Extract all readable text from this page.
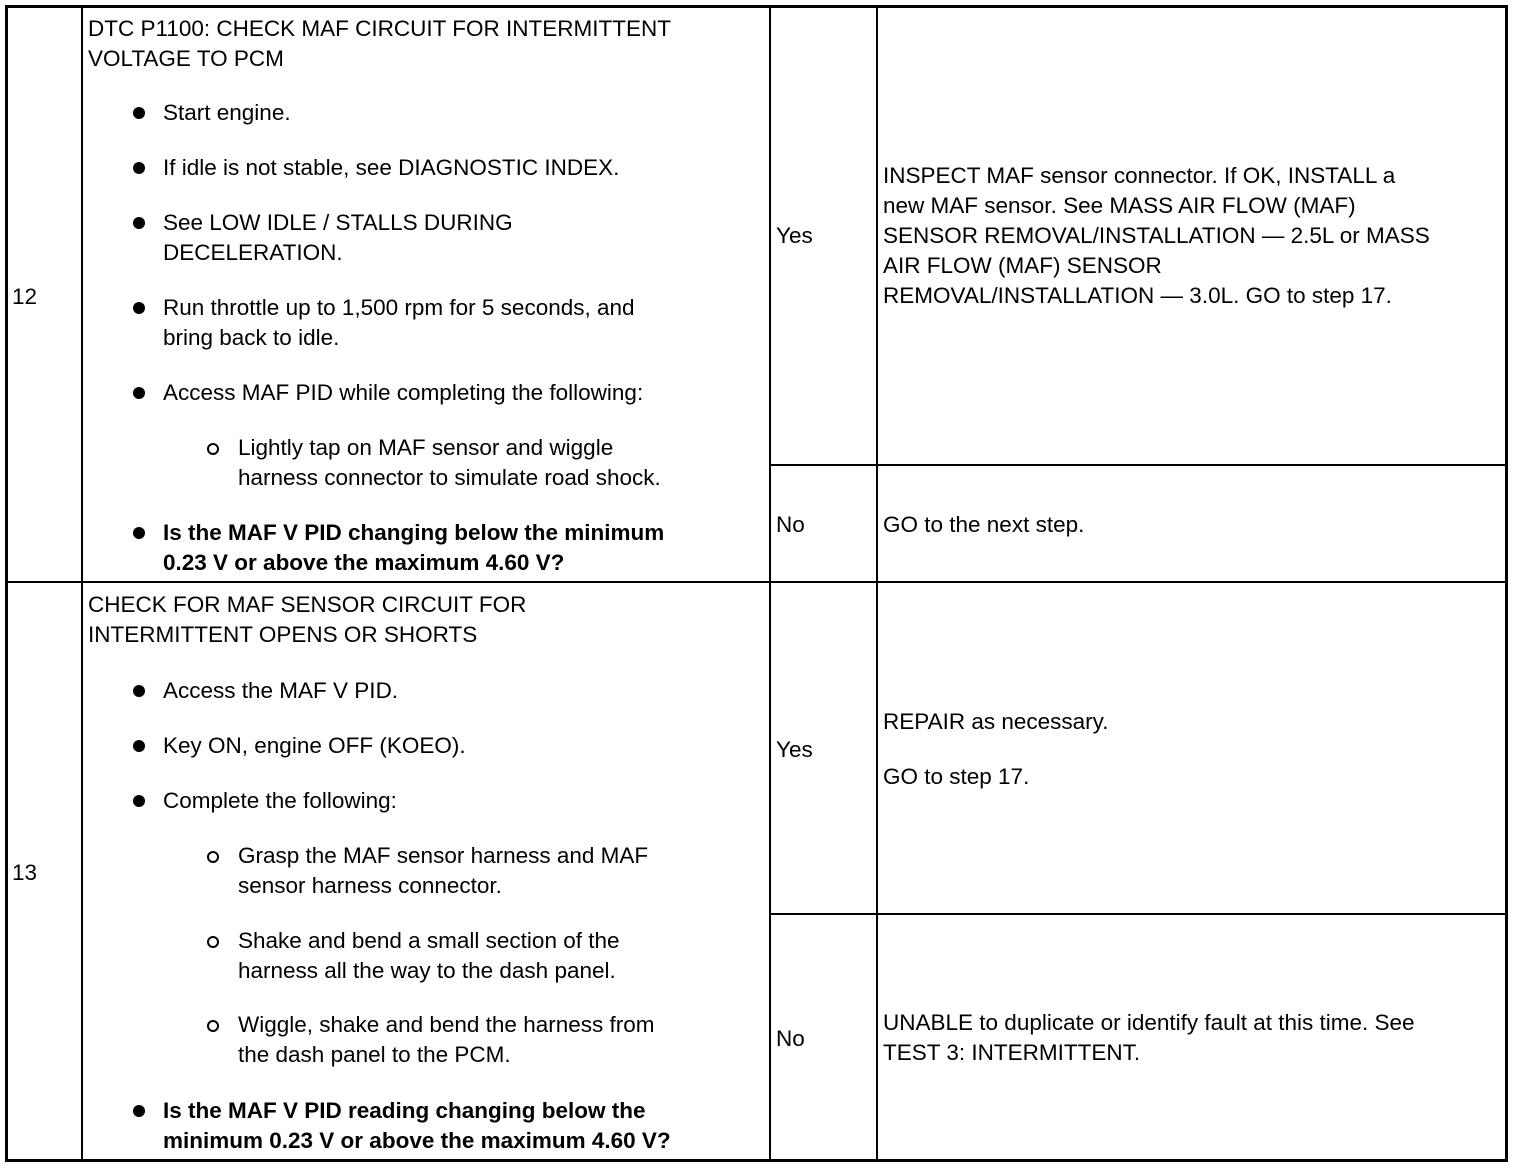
12
DTC P1100: CHECK MAF CIRCUIT FOR INTERMITTENT
VOLTAGE TO PCM
Start engine.
If idle is not stable, see DIAGNOSTIC INDEX.
See LOW IDLE / STALLS DURING
DECELERATION.
Run throttle up to 1,500 rpm for 5 seconds, and
bring back to idle.
Access MAF PID while completing the following:
Lightly tap on MAF sensor and wiggle
harness connector to simulate road shock.
Is the MAF V PID changing below the minimum
0.23 V or above the maximum 4.60 V?
Yes
INSPECT MAF sensor connector. If OK, INSTALL a
new MAF sensor. See MASS AIR FLOW (MAF)
SENSOR REMOVAL/INSTALLATION — 2.5L or MASS
AIR FLOW (MAF) SENSOR
REMOVAL/INSTALLATION — 3.0L. GO to step 17.
No	GO to the next step.
13
CHECK FOR MAF SENSOR CIRCUIT FOR
INTERMITTENT OPENS OR SHORTS
Access the MAF V PID.
Key ON, engine OFF (KOEO).
Complete the following:
Grasp the MAF sensor harness and MAF
sensor harness connector.
Shake and bend a small section of the
harness all the way to the dash panel.
Wiggle, shake and bend the harness from
the dash panel to the PCM.
Is the MAF V PID reading changing below the
minimum 0.23 V or above the maximum 4.60 V?
Yes
REPAIR as necessary.
GO to step 17.
No
UNABLE to duplicate or identify fault at this time. See
TEST 3: INTERMITTENT.
